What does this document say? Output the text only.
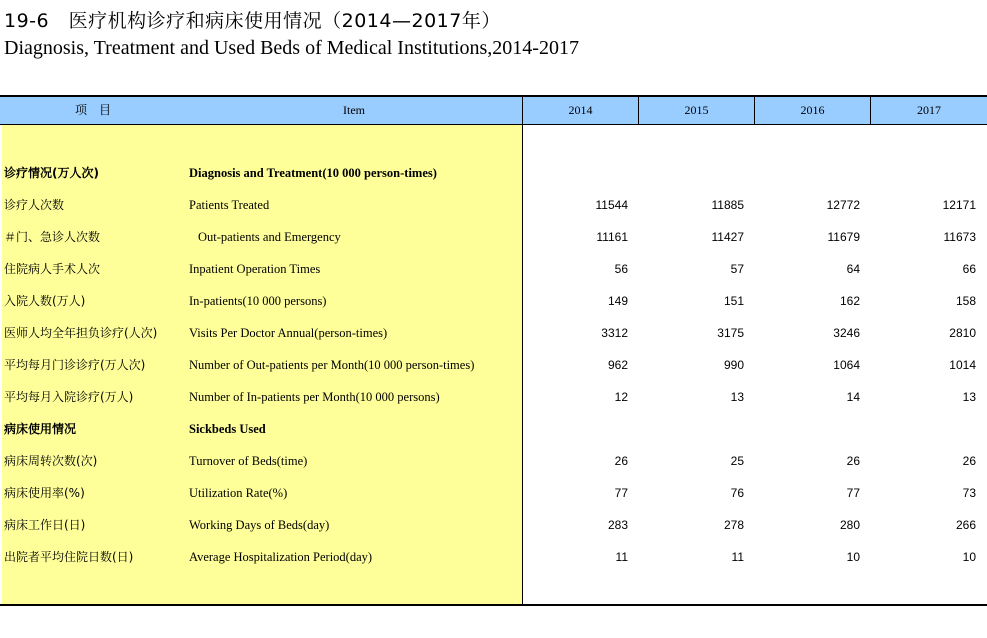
19-6　医疗机构诊疗和病床使用情况（2014—2017年）
Diagnosis, Treatment and Used Beds of Medical Institutions,2014-2017
项　目	Item	2014	2015	2016	2017
诊疗情况(万人次)	Diagnosis and Treatment(10 000 person-times)
诊疗人次数	Patients Treated	11544	11885	12772	12171
＃门、急诊人次数	Out-patients and Emergency	11161	11427	11679	11673
住院病人手术人次	Inpatient Operation Times	56	57	64	66
入院人数(万人)	In-patients(10 000 persons)	149	151	162	158
医师人均全年担负诊疗(人次)	Visits Per Doctor Annual(person-times)	3312	3175	3246	2810
平均每月门诊诊疗(万人次)	Number of Out-patients per Month(10 000 person-times)	962	990	1064	1014
平均每月入院诊疗(万人)	Number of In-patients per Month(10 000 persons)	12	13	14	13
病床使用情况	Sickbeds Used
病床周转次数(次)	Turnover of Beds(time)	26	25	26	26
病床使用率(%)	Utilization Rate(%)	77	76	77	73
病床工作日(日)	Working Days of Beds(day)	283	278	280	266
出院者平均住院日数(日)	Average Hospitalization Period(day)	11	11	10	10
